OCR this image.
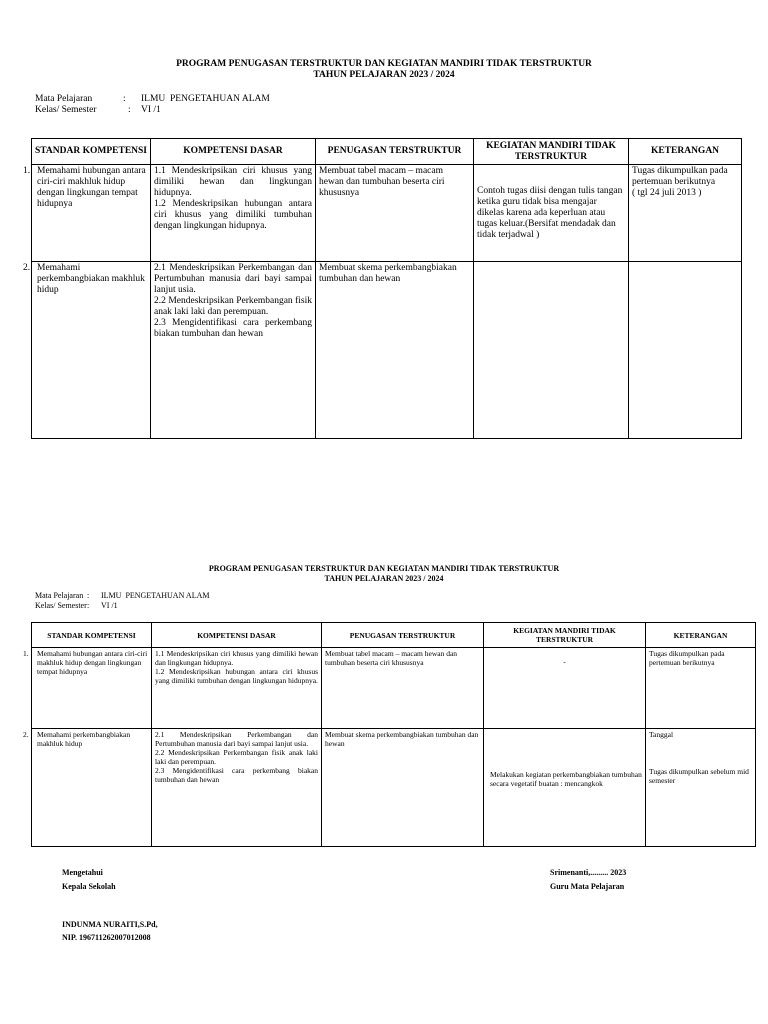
PROGRAM PENUGASAN TERSTRUKTUR DAN KEGIATAN MANDIRI TIDAK TERSTRUKTUR
TAHUN PELAJARAN 2023 / 2024
Mata Pelajaran	:	ILMU  PENGETAHUAN ALAM
Kelas/ Semester	:	VI /1
STANDAR KOMPETENSI	KOMPETENSI DASAR	PENUGASAN TERSTRUKTUR	KEGIATAN MANDIRI TIDAK TERSTRUKTUR	KETERANGAN

1. Memahami hubungan antara ciri-ciri makhluk hidup dengan lingkungan tempat hidupnya	1.1 Mendeskripsikan ciri khusus yang dimiliki hewan dan lingkungan hidupnya.
1.2 Mendeskripsikan hubungan antara ciri khusus yang dimiliki tumbuhan dengan lingkungan hidupnya.	Membuat tabel macam – macam hewan dan tumbuhan beserta ciri khususnya	Contoh tugas diisi dengan tulis tangan ketika guru tidak bisa mengajar dikelas karena ada keperluan atau tugas keluar.(Bersifat mendadak dan tidak terjadwal )	Tugas dikumpulkan pada pertemuan berikutnya
( tgl 24 juli 2013 )

2. Memahami perkembangbiakan makhluk hidup	2.1 Mendeskripsikan Perkembangan dan Pertumbuhan manusia dari bayi sampai lanjut usia.
2.2 Mendeskripsikan Perkembangan fisik anak laki laki dan perempuan.
2.3 Mengidentifikasi cara perkembang biakan tumbuhan dan hewan	Membuat skema perkembangbiakan tumbuhan dan hewan		
PROGRAM PENUGASAN TERSTRUKTUR DAN KEGIATAN MANDIRI TIDAK TERSTRUKTUR
TAHUN PELAJARAN 2023 / 2024
Mata Pelajaran :	ILMU  PENGETAHUAN ALAM
Kelas/ Semester :	VI /1
STANDAR KOMPETENSI	KOMPETENSI DASAR	PENUGASAN TERSTRUKTUR	KEGIATAN MANDIRI TIDAK TERSTRUKTUR	KETERANGAN

1. Memahami hubungan antara ciri-ciri makhluk hidup dengan lingkungan tempat hidupnya	1.1 Mendeskripsikan ciri khusus yang dimiliki hewan dan lingkungan hidupnya.
1.2 Mendeskripsikan hubungan antara ciri khusus yang dimiliki tumbuhan dengan lingkungan hidupnya.	Membuat tabel macam – macam hewan dan tumbuhan beserta ciri khususnya	-	Tugas dikumpulkan pada pertemuan berikutnya

2. Memahami perkembangbiakan makhluk hidup	2.1 Mendeskripsikan Perkembangan dan Pertumbuhan manusia dari bayi sampai lanjut usia.
2.2 Mendeskripsikan Perkembangan fisik anak laki laki dan perempuan.
2.3 Mengidentifikasi cara perkembang biakan tumbuhan dan hewan	Membuat skema perkembangbiakan tumbuhan dan hewan	Melakukan kegiatan perkembangbiakan tumbuhan secara vegetatif buatan : mencangkok	Tanggal
Tugas dikumpulkan sebelum mid semester
Mengetahui
Kepala Sekolah
Srimenanti,......... 2023
Guru Mata Pelajaran
INDUNMA NURAITI,S.Pd,
NIP. 196711262007012008
